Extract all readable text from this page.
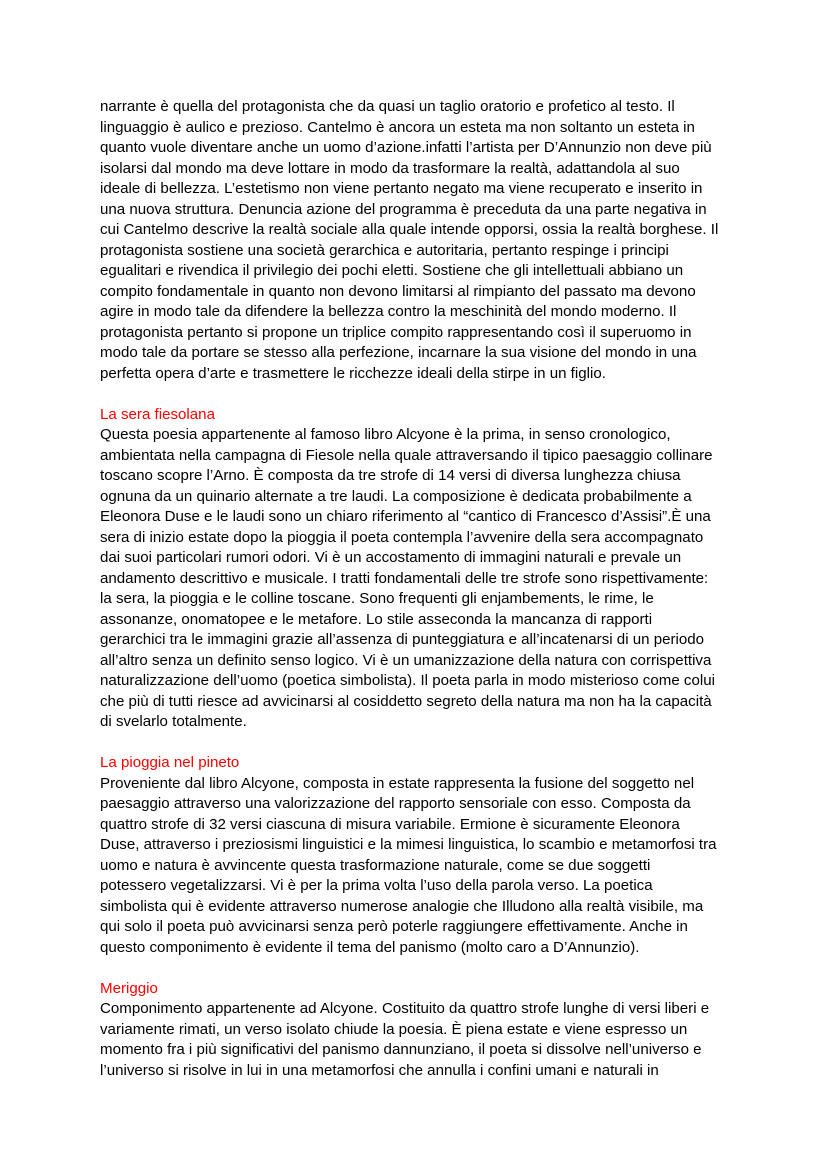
narrante è quella del protagonista che da quasi un taglio oratorio e profetico al testo. Il
linguaggio è aulico e prezioso. Cantelmo è ancora un esteta ma non soltanto un esteta in
quanto vuole diventare anche un uomo d’azione.infatti l’artista per D’Annunzio non deve più
isolarsi dal mondo ma deve lottare in modo da trasformare la realtà, adattandola al suo
ideale di bellezza. L’estetismo non viene pertanto negato ma viene recuperato e inserito in
una nuova struttura. Denuncia azione del programma è preceduta da una parte negativa in
cui Cantelmo descrive la realtà sociale alla quale intende opporsi, ossia la realtà borghese. Il
protagonista sostiene una società gerarchica e autoritaria, pertanto respinge i principi
egualitari e rivendica il privilegio dei pochi eletti. Sostiene che gli intellettuali abbiano un
compito fondamentale in quanto non devono limitarsi al rimpianto del passato ma devono
agire in modo tale da difendere la bellezza contro la meschinità del mondo moderno. Il
protagonista pertanto si propone un triplice compito rappresentando così il superuomo in
modo tale da portare se stesso alla perfezione, incarnare la sua visione del mondo in una
perfetta opera d’arte e trasmettere le ricchezze ideali della stirpe in un figlio.

La sera fiesolana

Questa poesia appartenente al famoso libro Alcyone è la prima, in senso cronologico,
ambientata nella campagna di Fiesole nella quale attraversando il tipico paesaggio collinare
toscano scopre l’Arno. È composta da tre strofe di 14 versi di diversa lunghezza chiusa
ognuna da un quinario alternate a tre laudi. La composizione è dedicata probabilmente a
Eleonora Duse e le laudi sono un chiaro riferimento al “cantico di Francesco d’Assisi”.È una
sera di inizio estate dopo la pioggia il poeta contempla l’avvenire della sera accompagnato
dai suoi particolari rumori odori. Vi è un accostamento di immagini naturali e prevale un
andamento descrittivo e musicale. I tratti fondamentali delle tre strofe sono rispettivamente:
la sera, la pioggia e le colline toscane. Sono frequenti gli enjambements, le rime, le
assonanze, onomatopee e le metafore. Lo stile asseconda la mancanza di rapporti
gerarchici tra le immagini grazie all’assenza di punteggiatura e all’incatenarsi di un periodo
all’altro senza un definito senso logico. Vi è un umanizzazione della natura con corrispettiva
naturalizzazione dell’uomo (poetica simbolista). Il poeta parla in modo misterioso come colui
che più di tutti riesce ad avvicinarsi al cosiddetto segreto della natura ma non ha la capacità
di svelarlo totalmente.

La pioggia nel pineto

Proveniente dal libro Alcyone, composta in estate rappresenta la fusione del soggetto nel
paesaggio attraverso una valorizzazione del rapporto sensoriale con esso. Composta da
quattro strofe di 32 versi ciascuna di misura variabile. Ermione è sicuramente Eleonora
Duse, attraverso i preziosismi linguistici e la mimesi linguistica, lo scambio e metamorfosi tra
uomo e natura è avvincente questa trasformazione naturale, come se due soggetti
potessero vegetalizzarsi. Vi è per la prima volta l’uso della parola verso. La poetica
simbolista qui è evidente attraverso numerose analogie che Illudono alla realtà visibile, ma
qui solo il poeta può avvicinarsi senza però poterle raggiungere effettivamente. Anche in
questo componimento è evidente il tema del panismo (molto caro a D’Annunzio).

Meriggio

Componimento appartenente ad Alcyone. Costituito da quattro strofe lunghe di versi liberi e
variamente rimati, un verso isolato chiude la poesia. È piena estate e viene espresso un
momento fra i più significativi del panismo dannunziano, il poeta si dissolve nell’universo e
l’universo si risolve in lui in una metamorfosi che annulla i confini umani e naturali in
